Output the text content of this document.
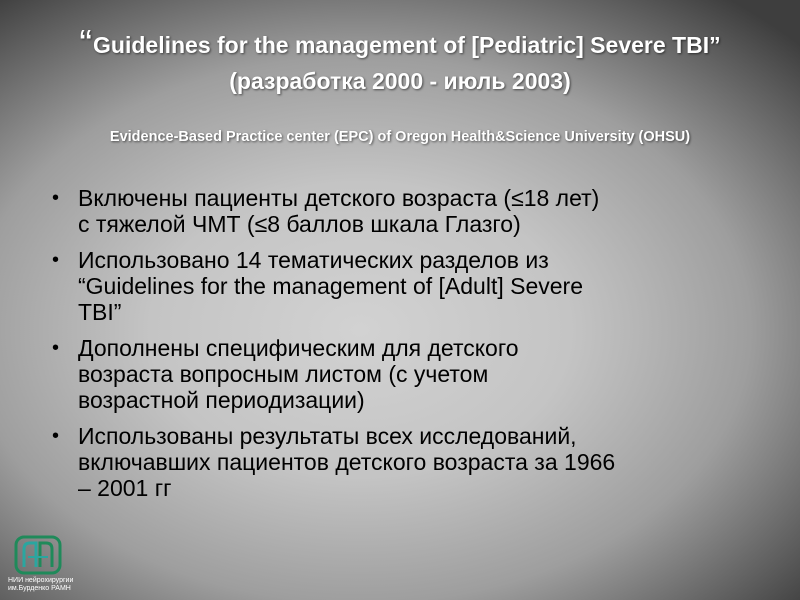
“Guidelines for the management of [Pediatric] Severe TBI”
(разработка 2000 - июль 2003)
Evidence-Based Practice center (EPC) of Oregon Health&Science University (OHSU)
• Включены пациенты детского возраста (≤18 лет)
с тяжелой ЧМТ (≤8 баллов шкала Глазго)
• Использовано 14 тематических разделов из
“Guidelines for the management of [Adult] Severe
TBI”
• Дополнены специфическим для детского
возраста вопросным листом (с учетом
возрастной периодизации)
• Использованы результаты всех исследований,
включавших пациентов детского возраста за 1966
– 2001 гг
НИИ нейрохирургии
им.Бурденко РАМН
